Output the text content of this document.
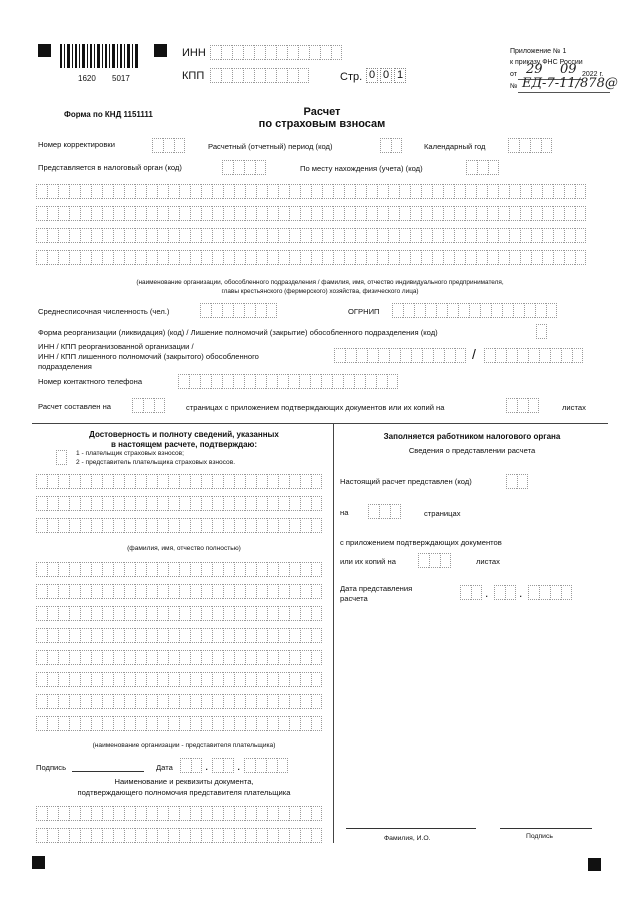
1620 5017
ИНН
КПП	Стр. 0 0 1
Приложение № 1
к приказу ФНС России
от 29 09 2022 г.
№ ЕД-7-11/878@
Форма по КНД 1151111	Расчет
по страховым взносам
Номер корректировки	Расчетный (отчетный) период (код)	Календарный год
Представляется в налоговый орган (код)	По месту нахождения (учета) (код)
(наименование организации, обособленного подразделения / фамилия, имя, отчество индивидуального предпринимателя,
главы крестьянского (фермерского) хозяйства, физического лица)
Среднесписочная численность (чел.)	ОГРНИП
Форма реорганизации (ликвидация) (код) / Лишение полномочий (закрытие) обособленного подразделения (код)
ИНН / КПП реорганизованной организации /
ИНН / КПП лишенного полномочий (закрытого) обособленного
подразделения
/
Номер контактного телефона
Расчет составлен на	страницах с приложением подтверждающих документов или их копий на	листах
Достоверность и полноту сведений, указанных
в настоящем расчете, подтверждаю:
1 - плательщик страховых взносов;
2 - представитель плательщика страховых взносов.
(фамилия, имя, отчество полностью)
(наименование организации - представителя плательщика)
Подпись	Дата	. .
Наименование и реквизиты документа,
подтверждающего полномочия представителя плательщика
Заполняется работником налогового органа
Сведения о представлении расчета
Настоящий расчет представлен (код)
на	страницах
с приложением подтверждающих документов
или их копий на	листах
Дата представления
расчета	.	.
Фамилия, И.О.	Подпись
